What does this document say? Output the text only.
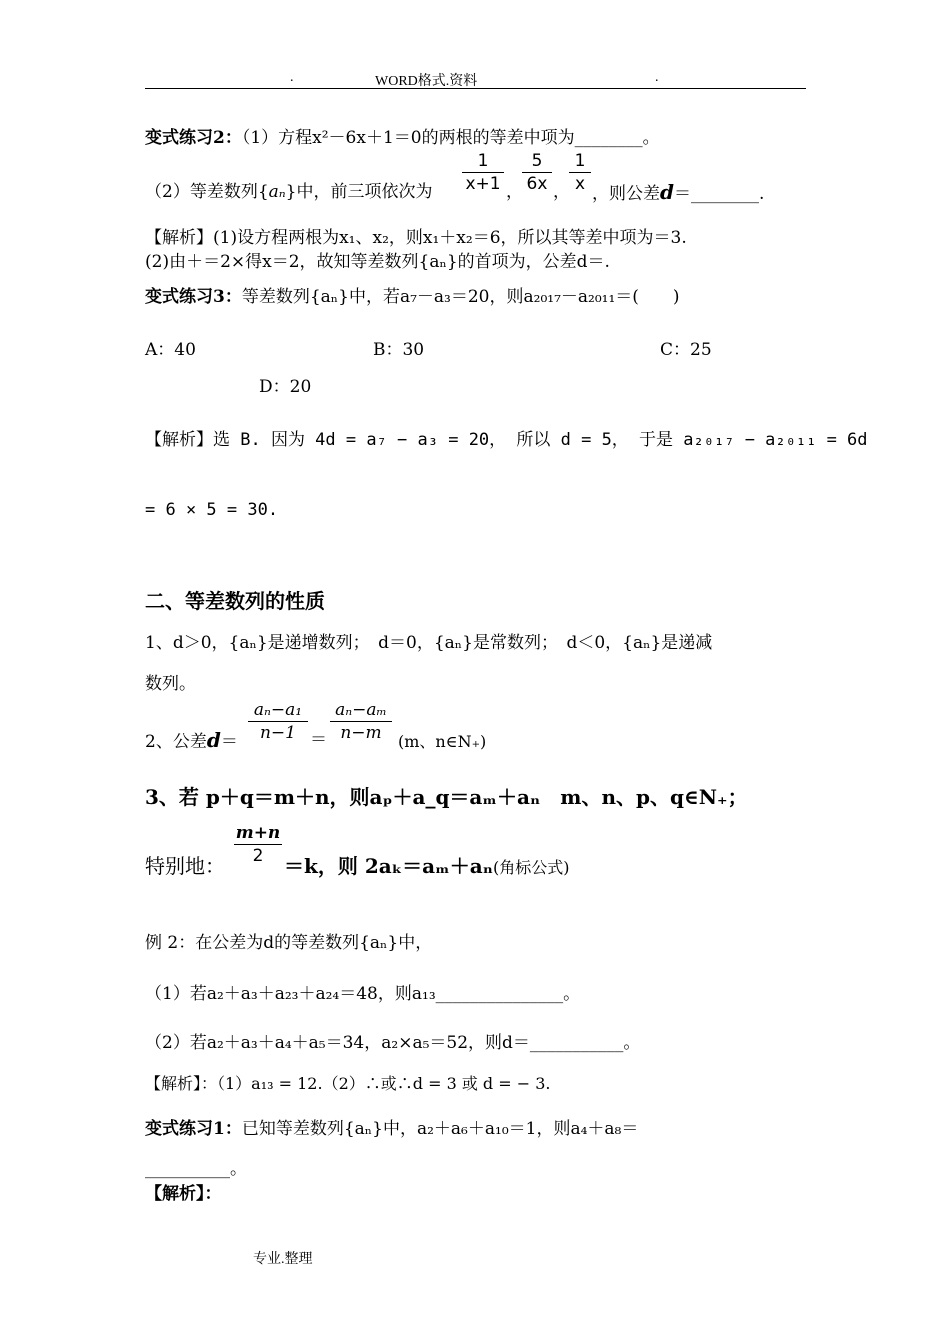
.	WORD格式.资料	.
变式练习2：（1）方程x²－6x＋1＝0的两根的等差中项为________。
（2）等差数列{aₙ}中，前三项依次为
1
x+1 ，
5
6x ，
1
x ，则公差d＝________.
【解析】(1)设方程两根为x₁、x₂，则x₁＋x₂＝6，所以其等差中项为＝3.
(2)由＋＝2×得x＝2，故知等差数列{aₙ}的首项为，公差d＝.
变式练习3：等差数列{aₙ}中，若a₇－a₃＝20，则a₂₀₁₇－a₂₀₁₁＝(　　)
A：40	B：30	C：25
D：20
【解析】选 B. 因为 4d = a₇ − a₃ = 20， 所以 d = 5， 于是 a₂₀₁₇ − a₂₀₁₁ = 6d
= 6 × 5 = 30.
二、等差数列的性质
1、d＞0，{aₙ}是递增数列；　d＝0，{aₙ}是常数列；　d＜0，{aₙ}是递减
数列。
2、公差d＝
aₙ−a₁
n−1 ＝
aₙ−aₘ
n−m	(m、n∈N₊)
3、若 p＋q＝m＋n，则aₚ＋a_q＝aₘ＋aₙ　m、n、p、q∈N₊；
特别地：
m+n
2	＝k，则 2aₖ＝aₘ＋aₙ(角标公式)
例 2：在公差为d的等差数列{aₙ}中，
（1）若a₂＋a₃＋a₂₃＋a₂₄＝48，则a₁₃_______________。
（2）若a₂＋a₃＋a₄＋a₅＝34，a₂×a₅＝52，则d＝___________。
【解析】：（1）a₁₃ = 12.（2）∴或∴d = 3 或 d = − 3.
变式练习1：已知等差数列{aₙ}中，a₂＋a₆＋a₁₀＝1，则a₄＋a₈＝
__________。
【解析】：
专业.整理
